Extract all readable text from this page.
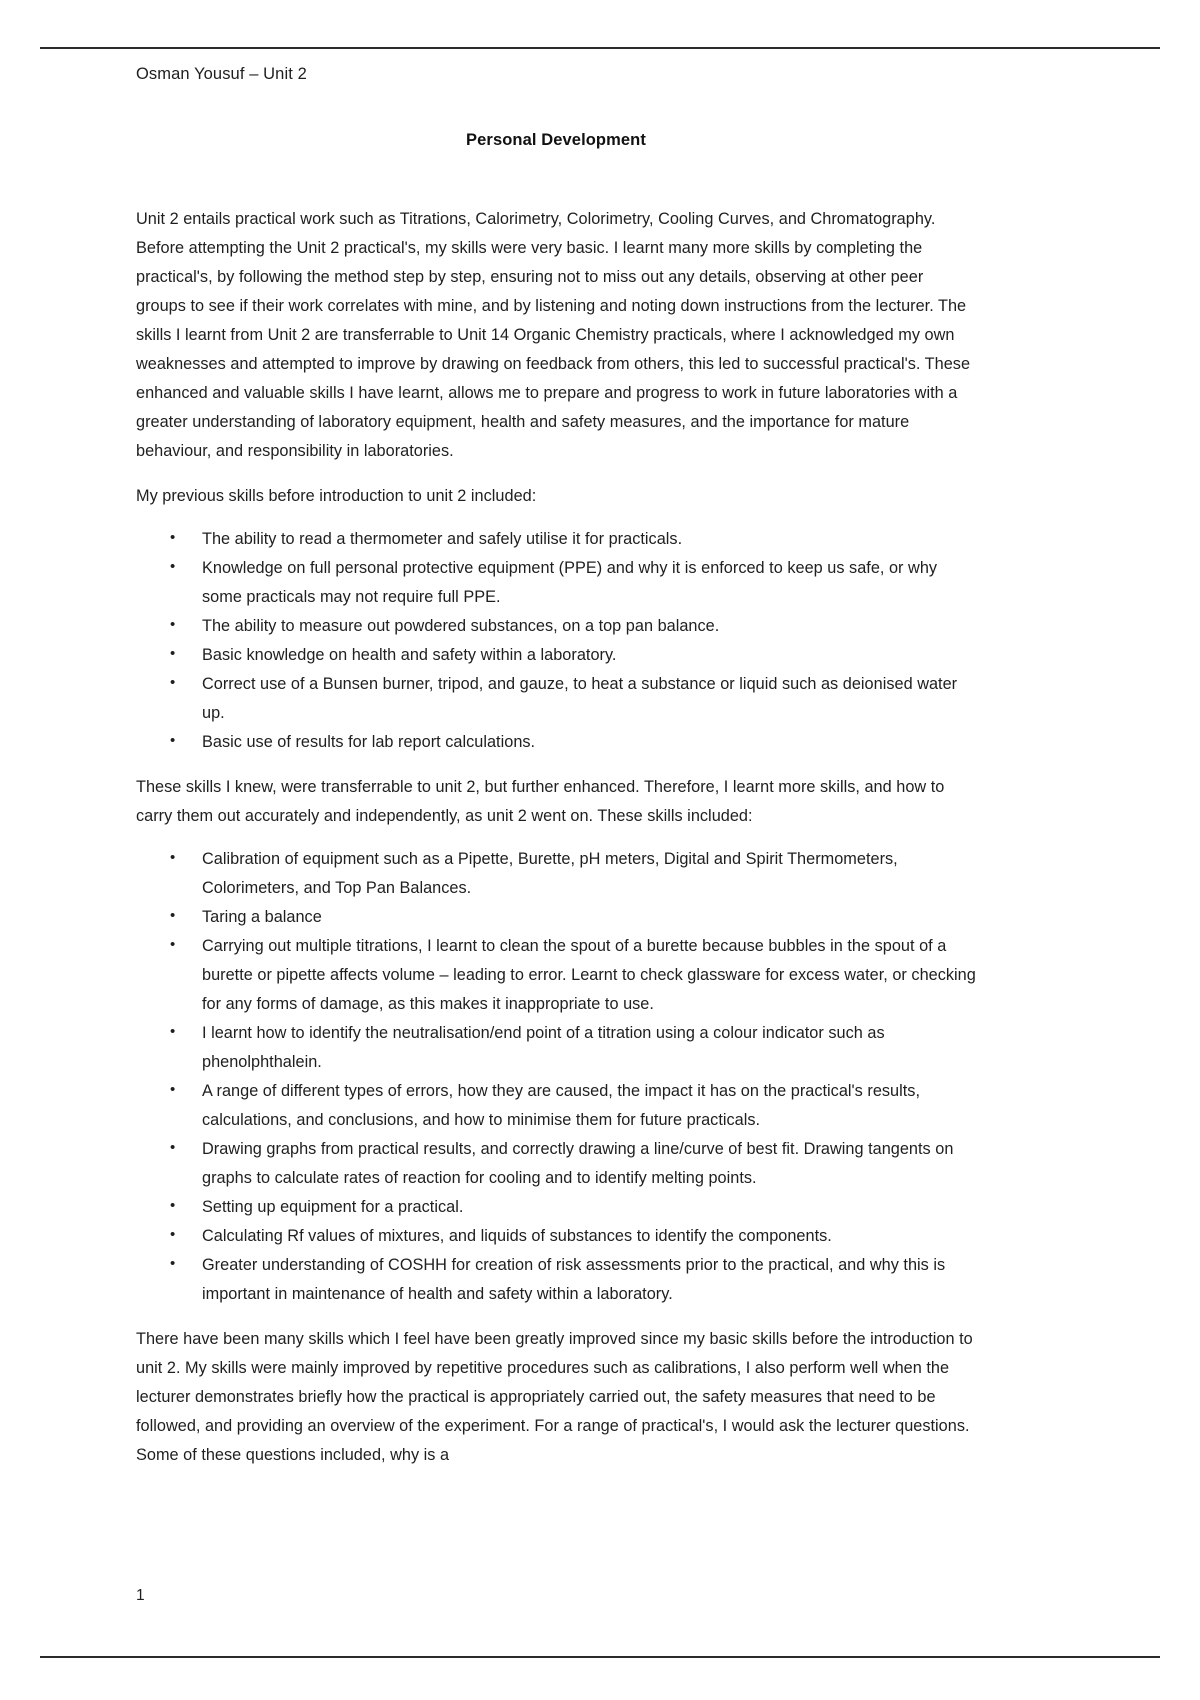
Osman Yousuf – Unit 2
Personal Development

Unit 2 entails practical work such as Titrations, Calorimetry, Colorimetry, Cooling Curves, and Chromatography. Before attempting the Unit 2 practical's, my skills were very basic. I learnt many more skills by completing the practical's, by following the method step by step, ensuring not to miss out any details, observing at other peer groups to see if their work correlates with mine, and by listening and noting down instructions from the lecturer. The skills I learnt from Unit 2 are transferrable to Unit 14 Organic Chemistry practicals, where I acknowledged my own weaknesses and attempted to improve by drawing on feedback from others, this led to successful practical's. These enhanced and valuable skills I have learnt, allows me to prepare and progress to work in future laboratories with a greater understanding of laboratory equipment, health and safety measures, and the importance for mature behaviour, and responsibility in laboratories.

My previous skills before introduction to unit 2 included:

• The ability to read a thermometer and safely utilise it for practicals.
• Knowledge on full personal protective equipment (PPE) and why it is enforced to keep us safe, or why some practicals may not require full PPE.
• The ability to measure out powdered substances, on a top pan balance.
• Basic knowledge on health and safety within a laboratory.
• Correct use of a Bunsen burner, tripod, and gauze, to heat a substance or liquid such as deionised water up.
• Basic use of results for lab report calculations.

These skills I knew, were transferrable to unit 2, but further enhanced. Therefore, I learnt more skills, and how to carry them out accurately and independently, as unit 2 went on. These skills included:

• Calibration of equipment such as a Pipette, Burette, pH meters, Digital and Spirit Thermometers, Colorimeters, and Top Pan Balances.
• Taring a balance
• Carrying out multiple titrations, I learnt to clean the spout of a burette because bubbles in the spout of a burette or pipette affects volume – leading to error. Learnt to check glassware for excess water, or checking for any forms of damage, as this makes it inappropriate to use.
• I learnt how to identify the neutralisation/end point of a titration using a colour indicator such as phenolphthalein.
• A range of different types of errors, how they are caused, the impact it has on the practical's results, calculations, and conclusions, and how to minimise them for future practicals.
• Drawing graphs from practical results, and correctly drawing a line/curve of best fit. Drawing tangents on graphs to calculate rates of reaction for cooling and to identify melting points.
• Setting up equipment for a practical.
• Calculating Rf values of mixtures, and liquids of substances to identify the components.
• Greater understanding of COSHH for creation of risk assessments prior to the practical, and why this is important in maintenance of health and safety within a laboratory.

There have been many skills which I feel have been greatly improved since my basic skills before the introduction to unit 2. My skills were mainly improved by repetitive procedures such as calibrations, I also perform well when the lecturer demonstrates briefly how the practical is appropriately carried out, the safety measures that need to be followed, and providing an overview of the experiment. For a range of practical's, I would ask the lecturer questions. Some of these questions included, why is a

1
